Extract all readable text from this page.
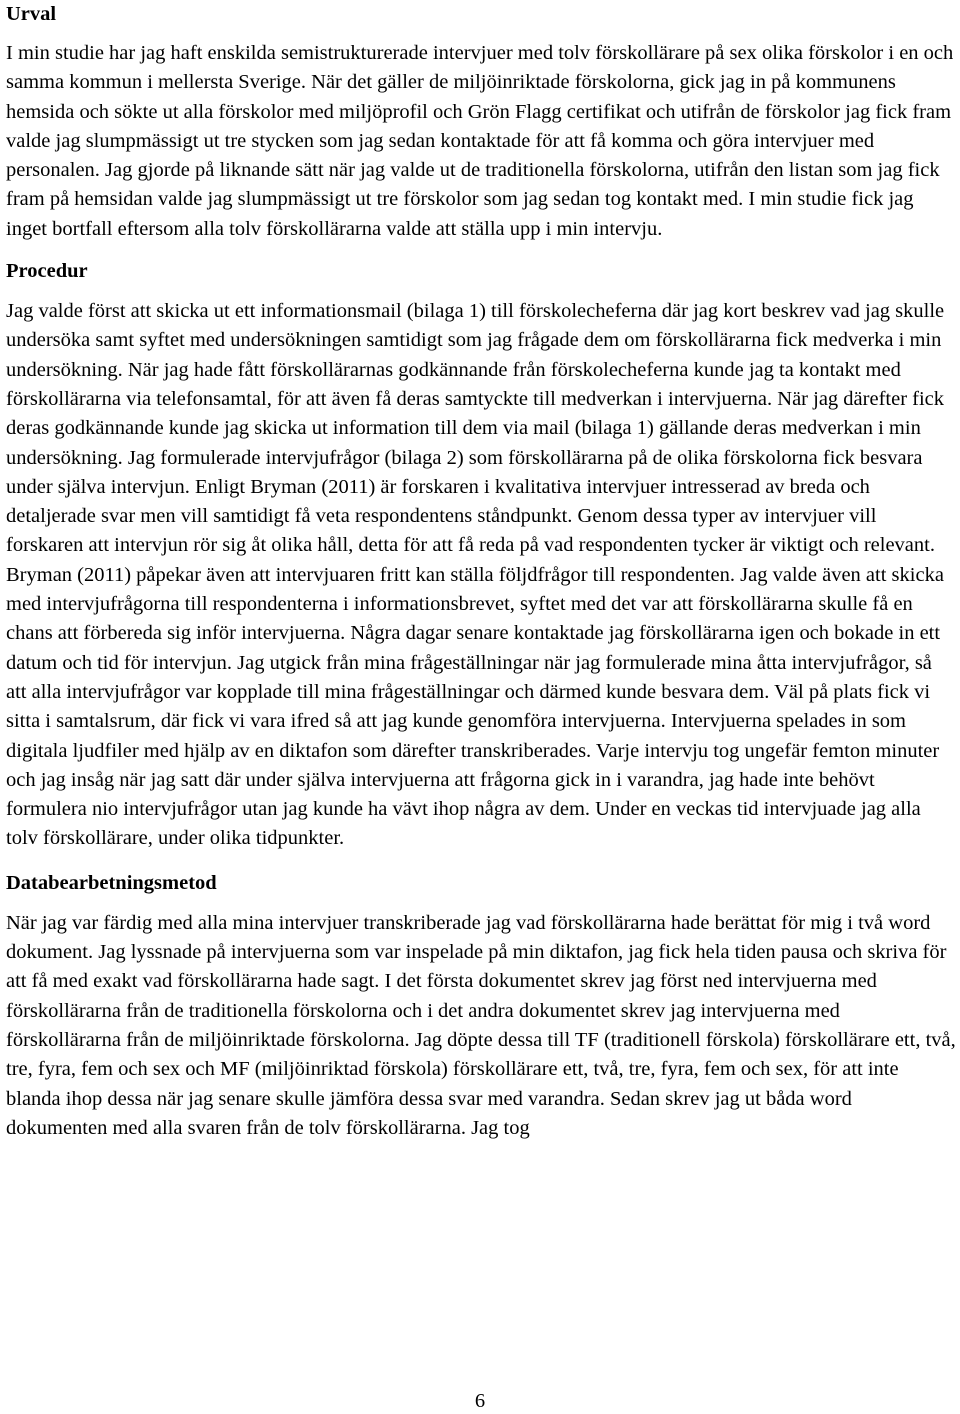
Urval

I min studie har jag haft enskilda semistrukturerade intervjuer med tolv förskollärare på sex olika förskolor i en och samma kommun i mellersta Sverige. När det gäller de miljöinriktade förskolorna, gick jag in på kommunens hemsida och sökte ut alla förskolor med miljöprofil och Grön Flagg certifikat och utifrån de förskolor jag fick fram valde jag slumpmässigt ut tre stycken som jag sedan kontaktade för att få komma och göra intervjuer med personalen. Jag gjorde på liknande sätt när jag valde ut de traditionella förskolorna, utifrån den listan som jag fick fram på hemsidan valde jag slumpmässigt ut tre förskolor som jag sedan tog kontakt med. I min studie fick jag inget bortfall eftersom alla tolv förskollärarna valde att ställa upp i min intervju.

Procedur

Jag valde först att skicka ut ett informationsmail (bilaga 1) till förskolecheferna där jag kort beskrev vad jag skulle undersöka samt syftet med undersökningen samtidigt som jag frågade dem om förskollärarna fick medverka i min undersökning. När jag hade fått förskollärarnas godkännande från förskolecheferna kunde jag ta kontakt med förskollärarna via telefonsamtal, för att även få deras samtyckte till medverkan i intervjuerna. När jag därefter fick deras godkännande kunde jag skicka ut information till dem via mail (bilaga 1) gällande deras medverkan i min undersökning. Jag formulerade intervjufrågor (bilaga 2) som förskollärarna på de olika förskolorna fick besvara under själva intervjun. Enligt Bryman (2011) är forskaren i kvalitativa intervjuer intresserad av breda och detaljerade svar men vill samtidigt få veta respondentens ståndpunkt. Genom dessa typer av intervjuer vill forskaren att intervjun rör sig åt olika håll, detta för att få reda på vad respondenten tycker är viktigt och relevant. Bryman (2011) påpekar även att intervjuaren fritt kan ställa följdfrågor till respondenten. Jag valde även att skicka med intervjufrågorna till respondenterna i informationsbrevet, syftet med det var att förskollärarna skulle få en chans att förbereda sig inför intervjuerna. Några dagar senare kontaktade jag förskollärarna igen och bokade in ett datum och tid för intervjun. Jag utgick från mina frågeställningar när jag formulerade mina åtta intervjufrågor, så att alla intervjufrågor var kopplade till mina frågeställningar och därmed kunde besvara dem. Väl på plats fick vi sitta i samtalsrum, där fick vi vara ifred så att jag kunde genomföra intervjuerna. Intervjuerna spelades in som digitala ljudfiler med hjälp av en diktafon som därefter transkriberades. Varje intervju tog ungefär femton minuter och jag insåg när jag satt där under själva intervjuerna att frågorna gick in i varandra, jag hade inte behövt formulera nio intervjufrågor utan jag kunde ha vävt ihop några av dem. Under en veckas tid intervjuade jag alla tolv förskollärare, under olika tidpunkter.

Databearbetningsmetod

När jag var färdig med alla mina intervjuer transkriberade jag vad förskollärarna hade berättat för mig i två word dokument. Jag lyssnade på intervjuerna som var inspelade på min diktafon, jag fick hela tiden pausa och skriva för att få med exakt vad förskollärarna hade sagt. I det första dokumentet skrev jag först ned intervjuerna med förskollärarna från de traditionella förskolorna och i det andra dokumentet skrev jag intervjuerna med förskollärarna från de miljöinriktade förskolorna. Jag döpte dessa till TF (traditionell förskola) förskollärare ett, två, tre, fyra, fem och sex och MF (miljöinriktad förskola) förskollärare ett, två, tre, fyra, fem och sex, för att inte blanda ihop dessa när jag senare skulle jämföra dessa svar med varandra. Sedan skrev jag ut båda word dokumenten med alla svaren från de tolv förskollärarna. Jag tog

6
